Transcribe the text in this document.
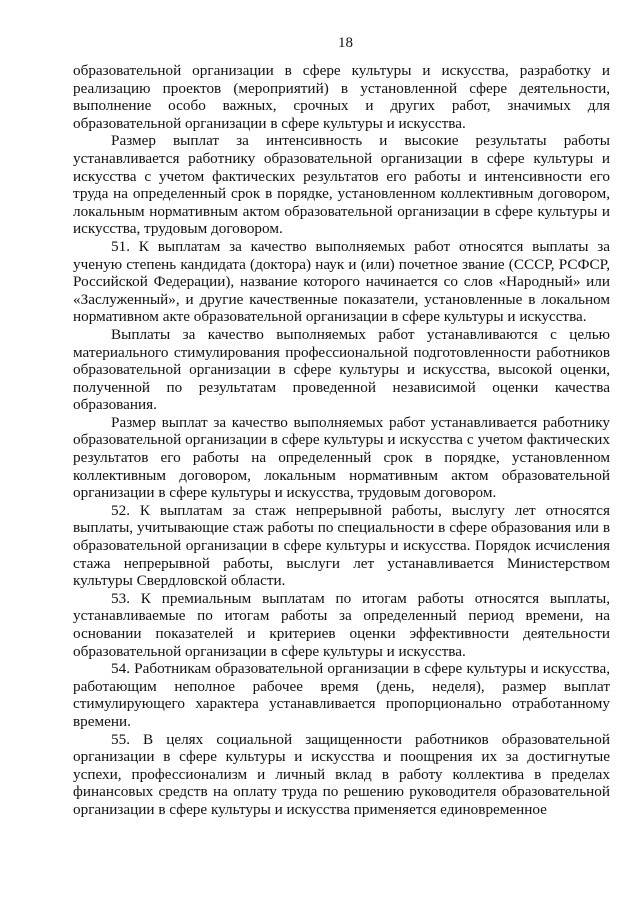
18

образовательной организации в сфере культуры и искусства, разработку и реализацию проектов (мероприятий) в установленной сфере деятельности, выполнение особо важных, срочных и других работ, значимых для образовательной организации в сфере культуры и искусства.

Размер выплат за интенсивность и высокие результаты работы устанавливается работнику образовательной организации в сфере культуры и искусства с учетом фактических результатов его работы и интенсивности его труда на определенный срок в порядке, установленном коллективным договором, локальным нормативным актом образовательной организации в сфере культуры и искусства, трудовым договором.

51. К выплатам за качество выполняемых работ относятся выплаты за ученую степень кандидата (доктора) наук и (или) почетное звание (СССР, РСФСР, Российской Федерации), название которого начинается со слов «Народный» или «Заслуженный», и другие качественные показатели, установленные в локальном нормативном акте образовательной организации в сфере культуры и искусства.

Выплаты за качество выполняемых работ устанавливаются с целью материального стимулирования профессиональной подготовленности работников образовательной организации в сфере культуры и искусства, высокой оценки, полученной по результатам проведенной независимой оценки качества образования.

Размер выплат за качество выполняемых работ устанавливается работнику образовательной организации в сфере культуры и искусства с учетом фактических результатов его работы на определенный срок в порядке, установленном коллективным договором, локальным нормативным актом образовательной организации в сфере культуры и искусства, трудовым договором.

52. К выплатам за стаж непрерывной работы, выслугу лет относятся выплаты, учитывающие стаж работы по специальности в сфере образования или в образовательной организации в сфере культуры и искусства. Порядок исчисления стажа непрерывной работы, выслуги лет устанавливается Министерством культуры Свердловской области.

53. К премиальным выплатам по итогам работы относятся выплаты, устанавливаемые по итогам работы за определенный период времени, на основании показателей и критериев оценки эффективности деятельности образовательной организации в сфере культуры и искусства.

54. Работникам образовательной организации в сфере культуры и искусства, работающим неполное рабочее время (день, неделя), размер выплат стимулирующего характера устанавливается пропорционально отработанному времени.

55. В целях социальной защищенности работников образовательной организации в сфере культуры и искусства и поощрения их за достигнутые успехи, профессионализм и личный вклад в работу коллектива в пределах финансовых средств на оплату труда по решению руководителя образовательной организации в сфере культуры и искусства применяется единовременное
